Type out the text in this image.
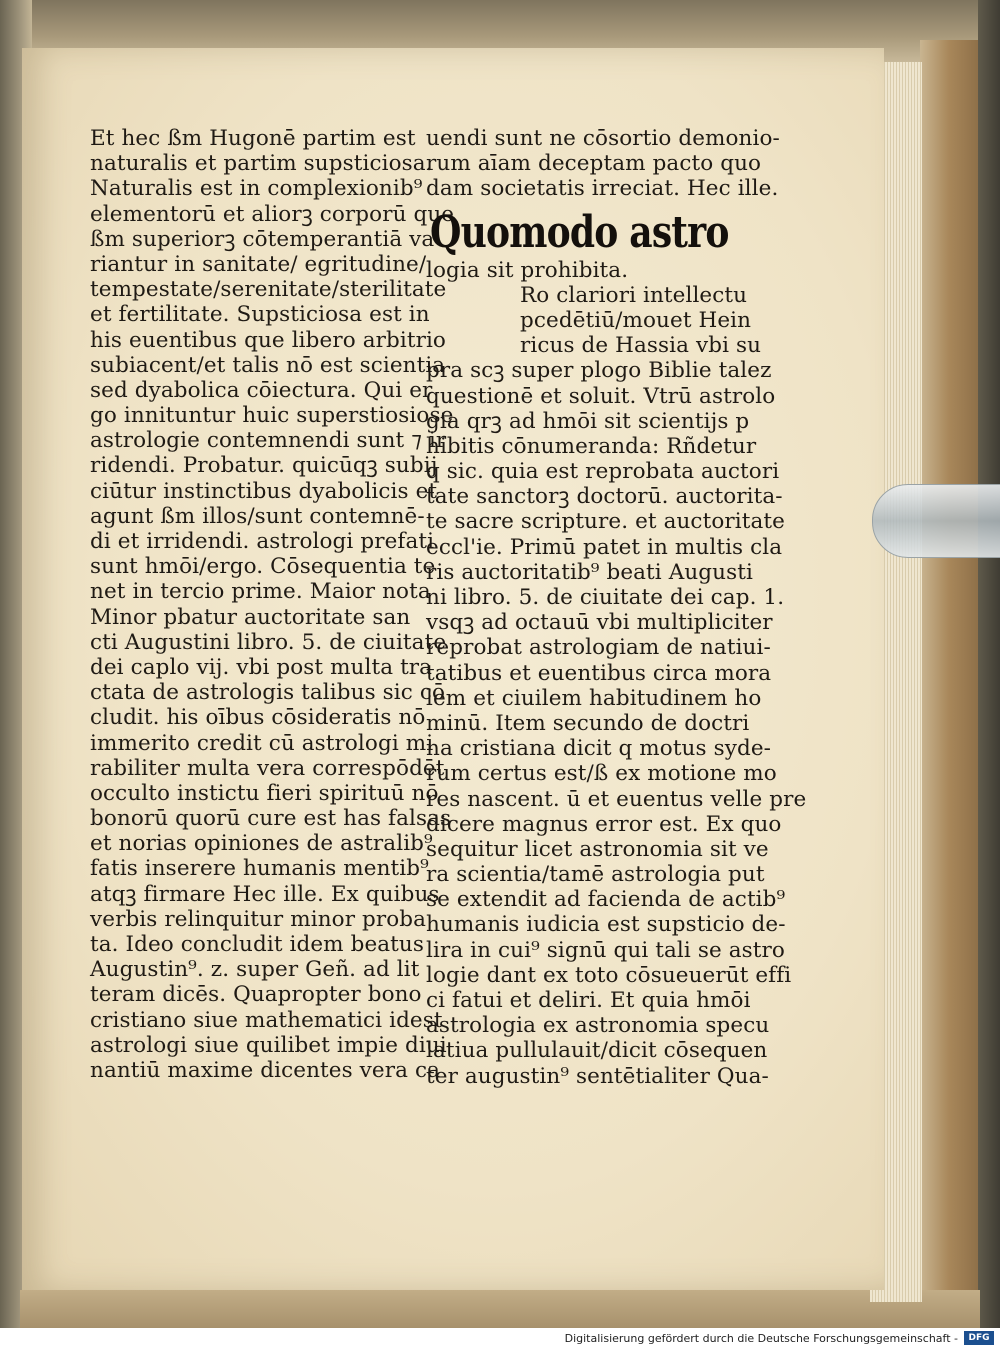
Et hec ßm Hugonē partim est
naturalis et partim supsticiosa.
Naturalis est in complexionib⁹
elementorū et aliorꝫ corporū que
ßm superiorꝫ cōtemperantiā va
riantur in sanitate/ egritudine/
tempestate/serenitate/sterilitate
et fertilitate. Supsticiosa est in
his euentibus que libero arbitrio
subiacent/et talis nō est scientia
sed dyabolica cōiectura. Qui er
go innituntur huic superstiosiose
astrologie contemnendi sunt ⁊ ir
ridendi. Probatur. quicūqꝫ subij
ciūtur instinctibus dyabolicis et
agunt ßm illos/sunt contemnē-
di et irridendi. astrologi prefati
sunt hmōi/ergo. Cōsequentia te
net in tercio prime. Maior nota
Minor pbatur auctoritate san
cti Augustini libro. 5. de ciuitate
dei caplo vij. vbi post multa tra
ctata de astrologis talibus sic cō
cludit. his oībus cōsideratis nō
immerito credit cū astrologi mi
rabiliter multa vera correspōdēt
occulto instictu fieri spirituū nō
bonorū quorū cure est has falsas
et norias opiniones de astralib⁹
fatis inserere humanis mentib⁹
atqꝫ firmare Hec ille. Ex quibus
verbis relinquitur minor proba
ta. Ideo concludit idem beatus
Augustin⁹. z. super Geñ. ad lit
teram dicēs. Quapropter bono
cristiano siue mathematici idest
astrologi siue quilibet impie diui
nantiū maxime dicentes vera ca
uendi sunt ne cōsortio demonio-
rum aīam deceptam pacto quo
dam societatis irreciat. Hec ille.
Quomodo astro
logia sit prohibita.
Ro clariori intellectu
pcedētiū/mouet Hein
ricus de Hassia vbi su
pra scꝫ super plogo Biblie talez
questionē et soluit. Vtrū astrolo
gia qrꝫ ad hmōi sit scientijs p
hibitis cōnumeranda: Rñdetur
q sic. quia est reprobata auctori
tate sanctorꝫ doctorū. auctorita-
te sacre scripture. et auctoritate
eccl'ie. Primū patet in multis cla
ris auctoritatib⁹ beati Augusti
ni libro. 5. de ciuitate dei cap. 1.
vsqꝫ ad octauū vbi multipliciter
reprobat astrologiam de natiui-
tatibus et euentibus circa mora
lem et ciuilem habitudinem ho
minū. Item secundo de doctri
na cristiana dicit q motus syde-
rum certus est/ß ex motione mo
res nascent. ū et euentus velle pre
dicere magnus error est. Ex quo
sequitur licet astronomia sit ve
ra scientia/tamē astrologia put
se extendit ad facienda de actib⁹
humanis iudicia est supsticio de-
lira in cui⁹ signū qui tali se astro
logie dant ex toto cōsueuerūt effi
ci fatui et deliri. Et quia hmōi
astrologia ex astronomia specu
latiua pullulauit/dicit cōsequen
ter augustin⁹ sentētialiter Qua-
Digitalisierung gefördert durch die Deutsche Forschungsgemeinschaft -	DFG
